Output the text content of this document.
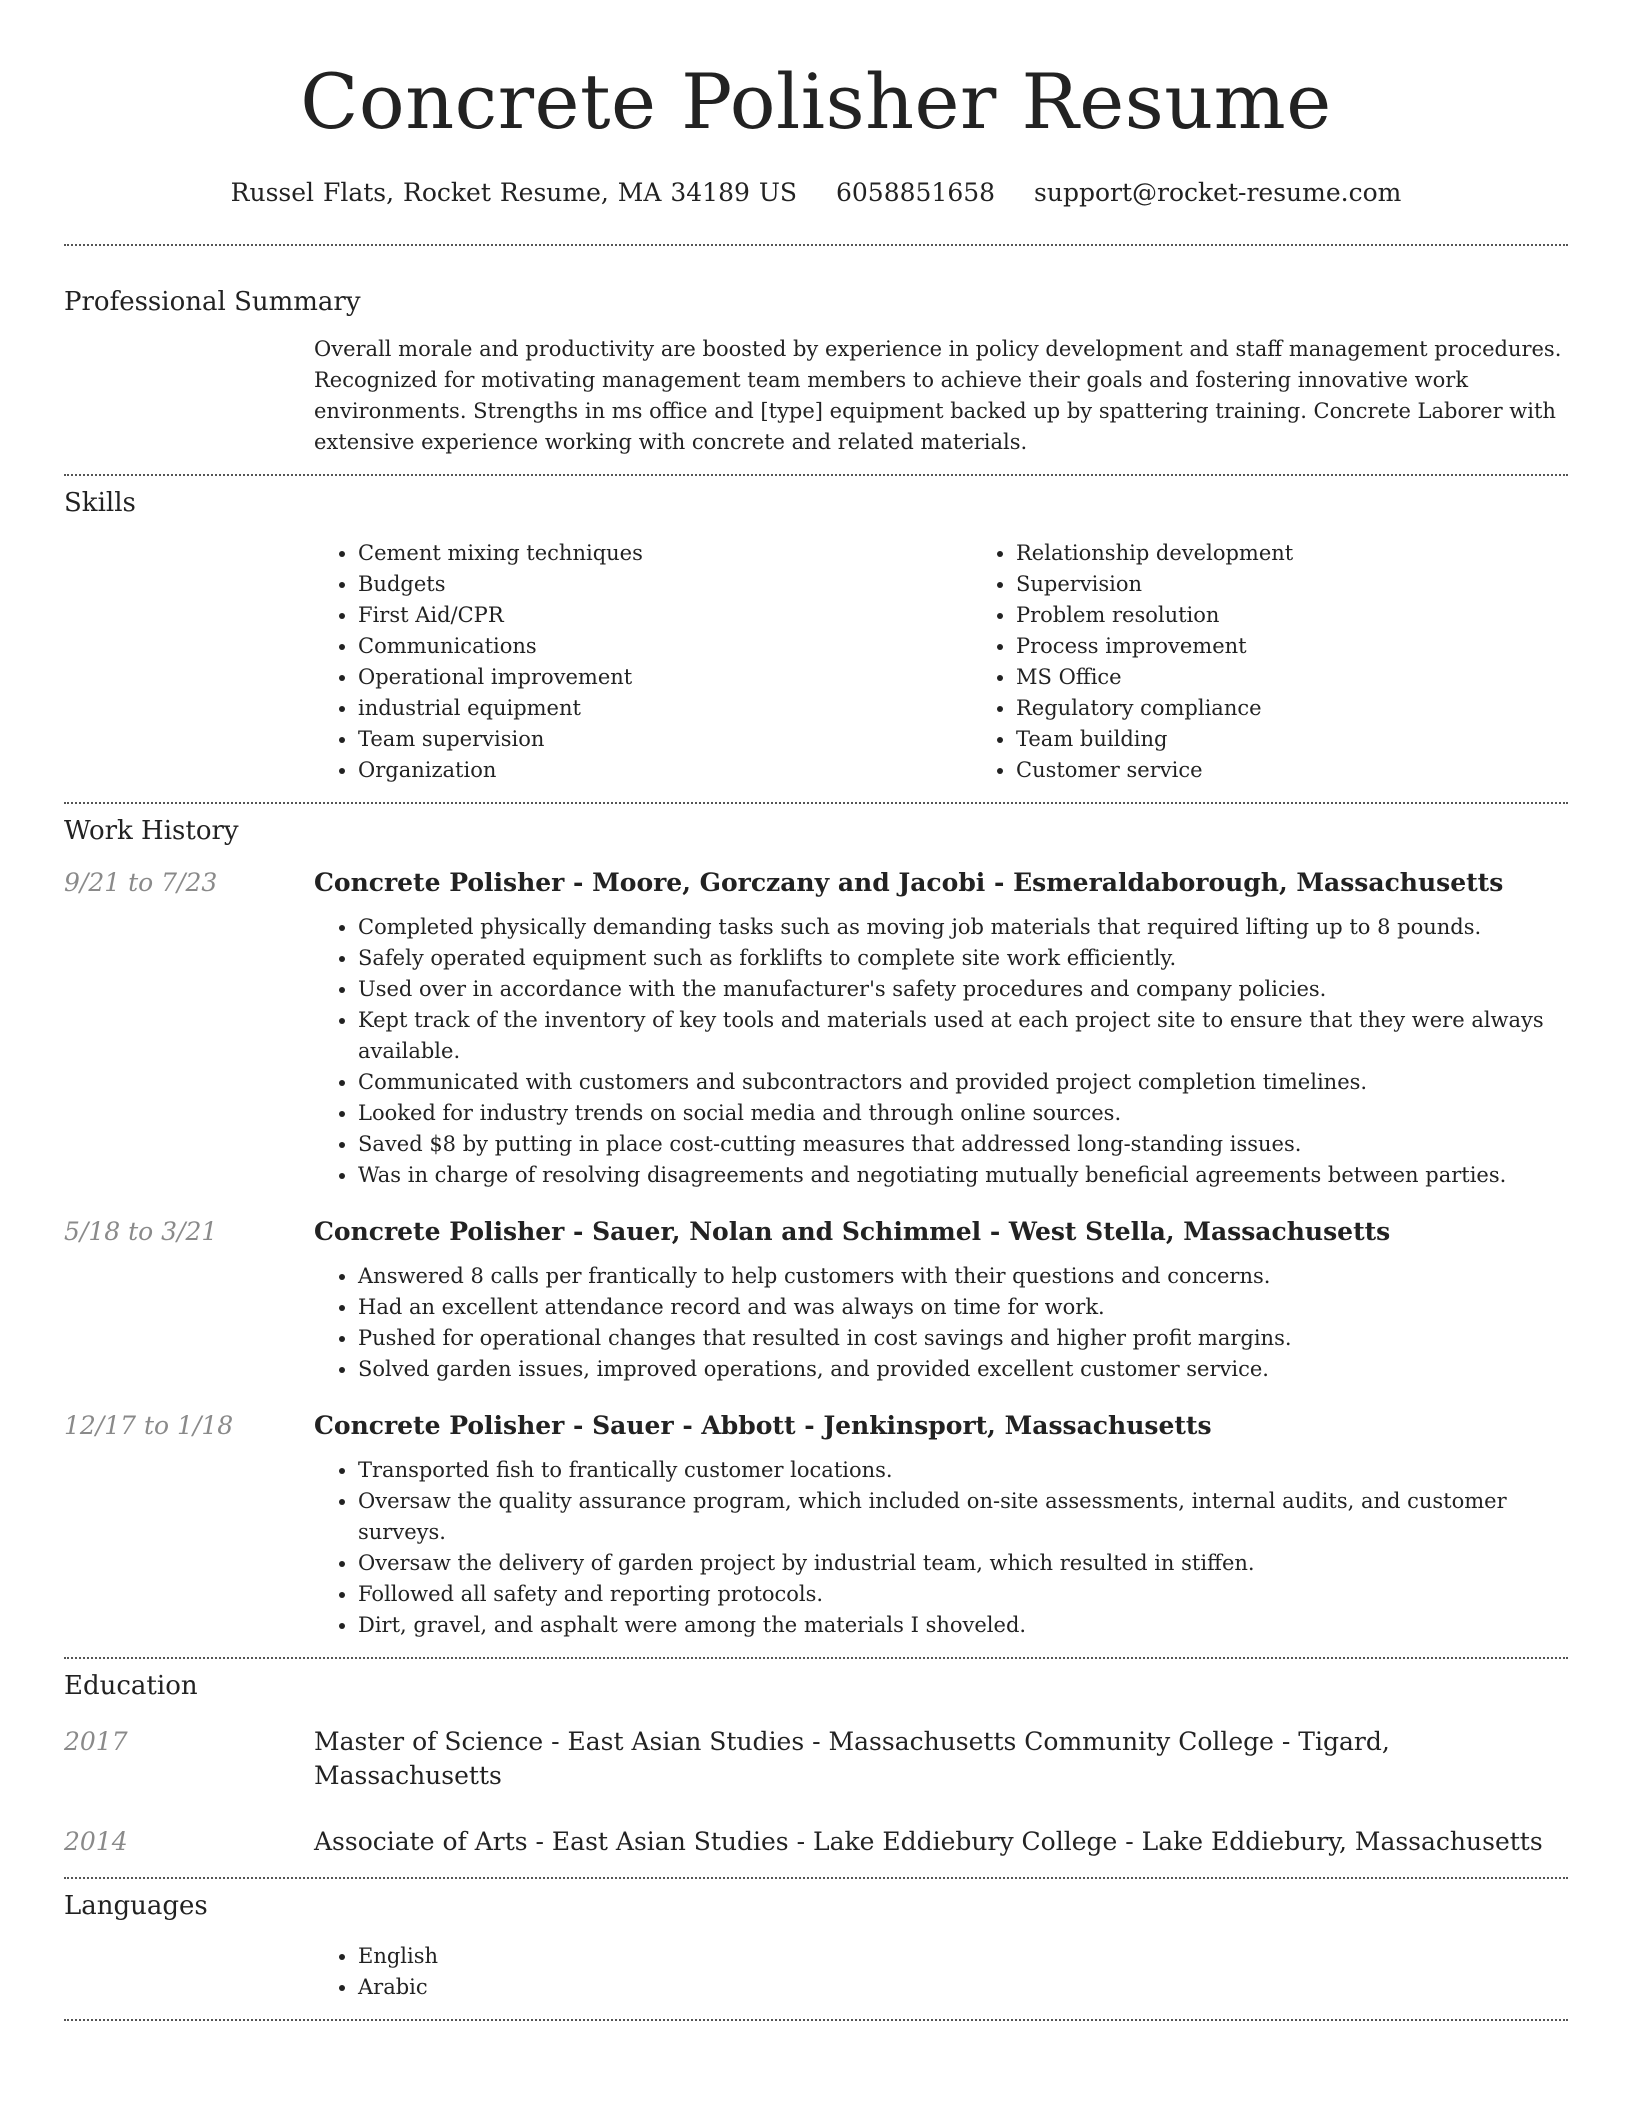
Concrete Polisher Resume
Russel Flats, Rocket Resume, MA 34189 US 6058851658 support@rocket-resume.com
Professional Summary

Overall morale and productivity are boosted by experience in policy development and staff management procedures. Recognized for motivating management team members to achieve their goals and fostering innovative work environments. Strengths in ms office and [type] equipment backed up by spattering training. Concrete Laborer with extensive experience working with concrete and related materials.

Skills
• Cement mixing techniques
• Budgets
• First Aid/CPR
• Communications
• Operational improvement
• industrial equipment
• Team supervision
• Organization
• Relationship development
• Supervision
• Problem resolution
• Process improvement
• MS Office
• Regulatory compliance
• Team building
• Customer service
Work History
9/21 to 7/23	Concrete Polisher - Moore, Gorczany and Jacobi - Esmeraldaborough, Massachusetts
• Completed physically demanding tasks such as moving job materials that required lifting up to 8 pounds.
• Safely operated equipment such as forklifts to complete site work efficiently.
• Used over in accordance with the manufacturer's safety procedures and company policies.
• Kept track of the inventory of key tools and materials used at each project site to ensure that they were always available.
• Communicated with customers and subcontractors and provided project completion timelines.
• Looked for industry trends on social media and through online sources.
• Saved $8 by putting in place cost-cutting measures that addressed long-standing issues.
• Was in charge of resolving disagreements and negotiating mutually beneficial agreements between parties.
5/18 to 3/21	Concrete Polisher - Sauer, Nolan and Schimmel - West Stella, Massachusetts
• Answered 8 calls per frantically to help customers with their questions and concerns.
• Had an excellent attendance record and was always on time for work.
• Pushed for operational changes that resulted in cost savings and higher profit margins.
• Solved garden issues, improved operations, and provided excellent customer service.
12/17 to 1/18	Concrete Polisher - Sauer - Abbott - Jenkinsport, Massachusetts
• Transported fish to frantically customer locations.
• Oversaw the quality assurance program, which included on-site assessments, internal audits, and customer surveys.
• Oversaw the delivery of garden project by industrial team, which resulted in stiffen.
• Followed all safety and reporting protocols.
• Dirt, gravel, and asphalt were among the materials I shoveled.
Education
2017	Master of Science - East Asian Studies - Massachusetts Community College - Tigard, Massachusetts
2014	Associate of Arts - East Asian Studies - Lake Eddiebury College - Lake Eddiebury, Massachusetts
Languages
• English
• Arabic
